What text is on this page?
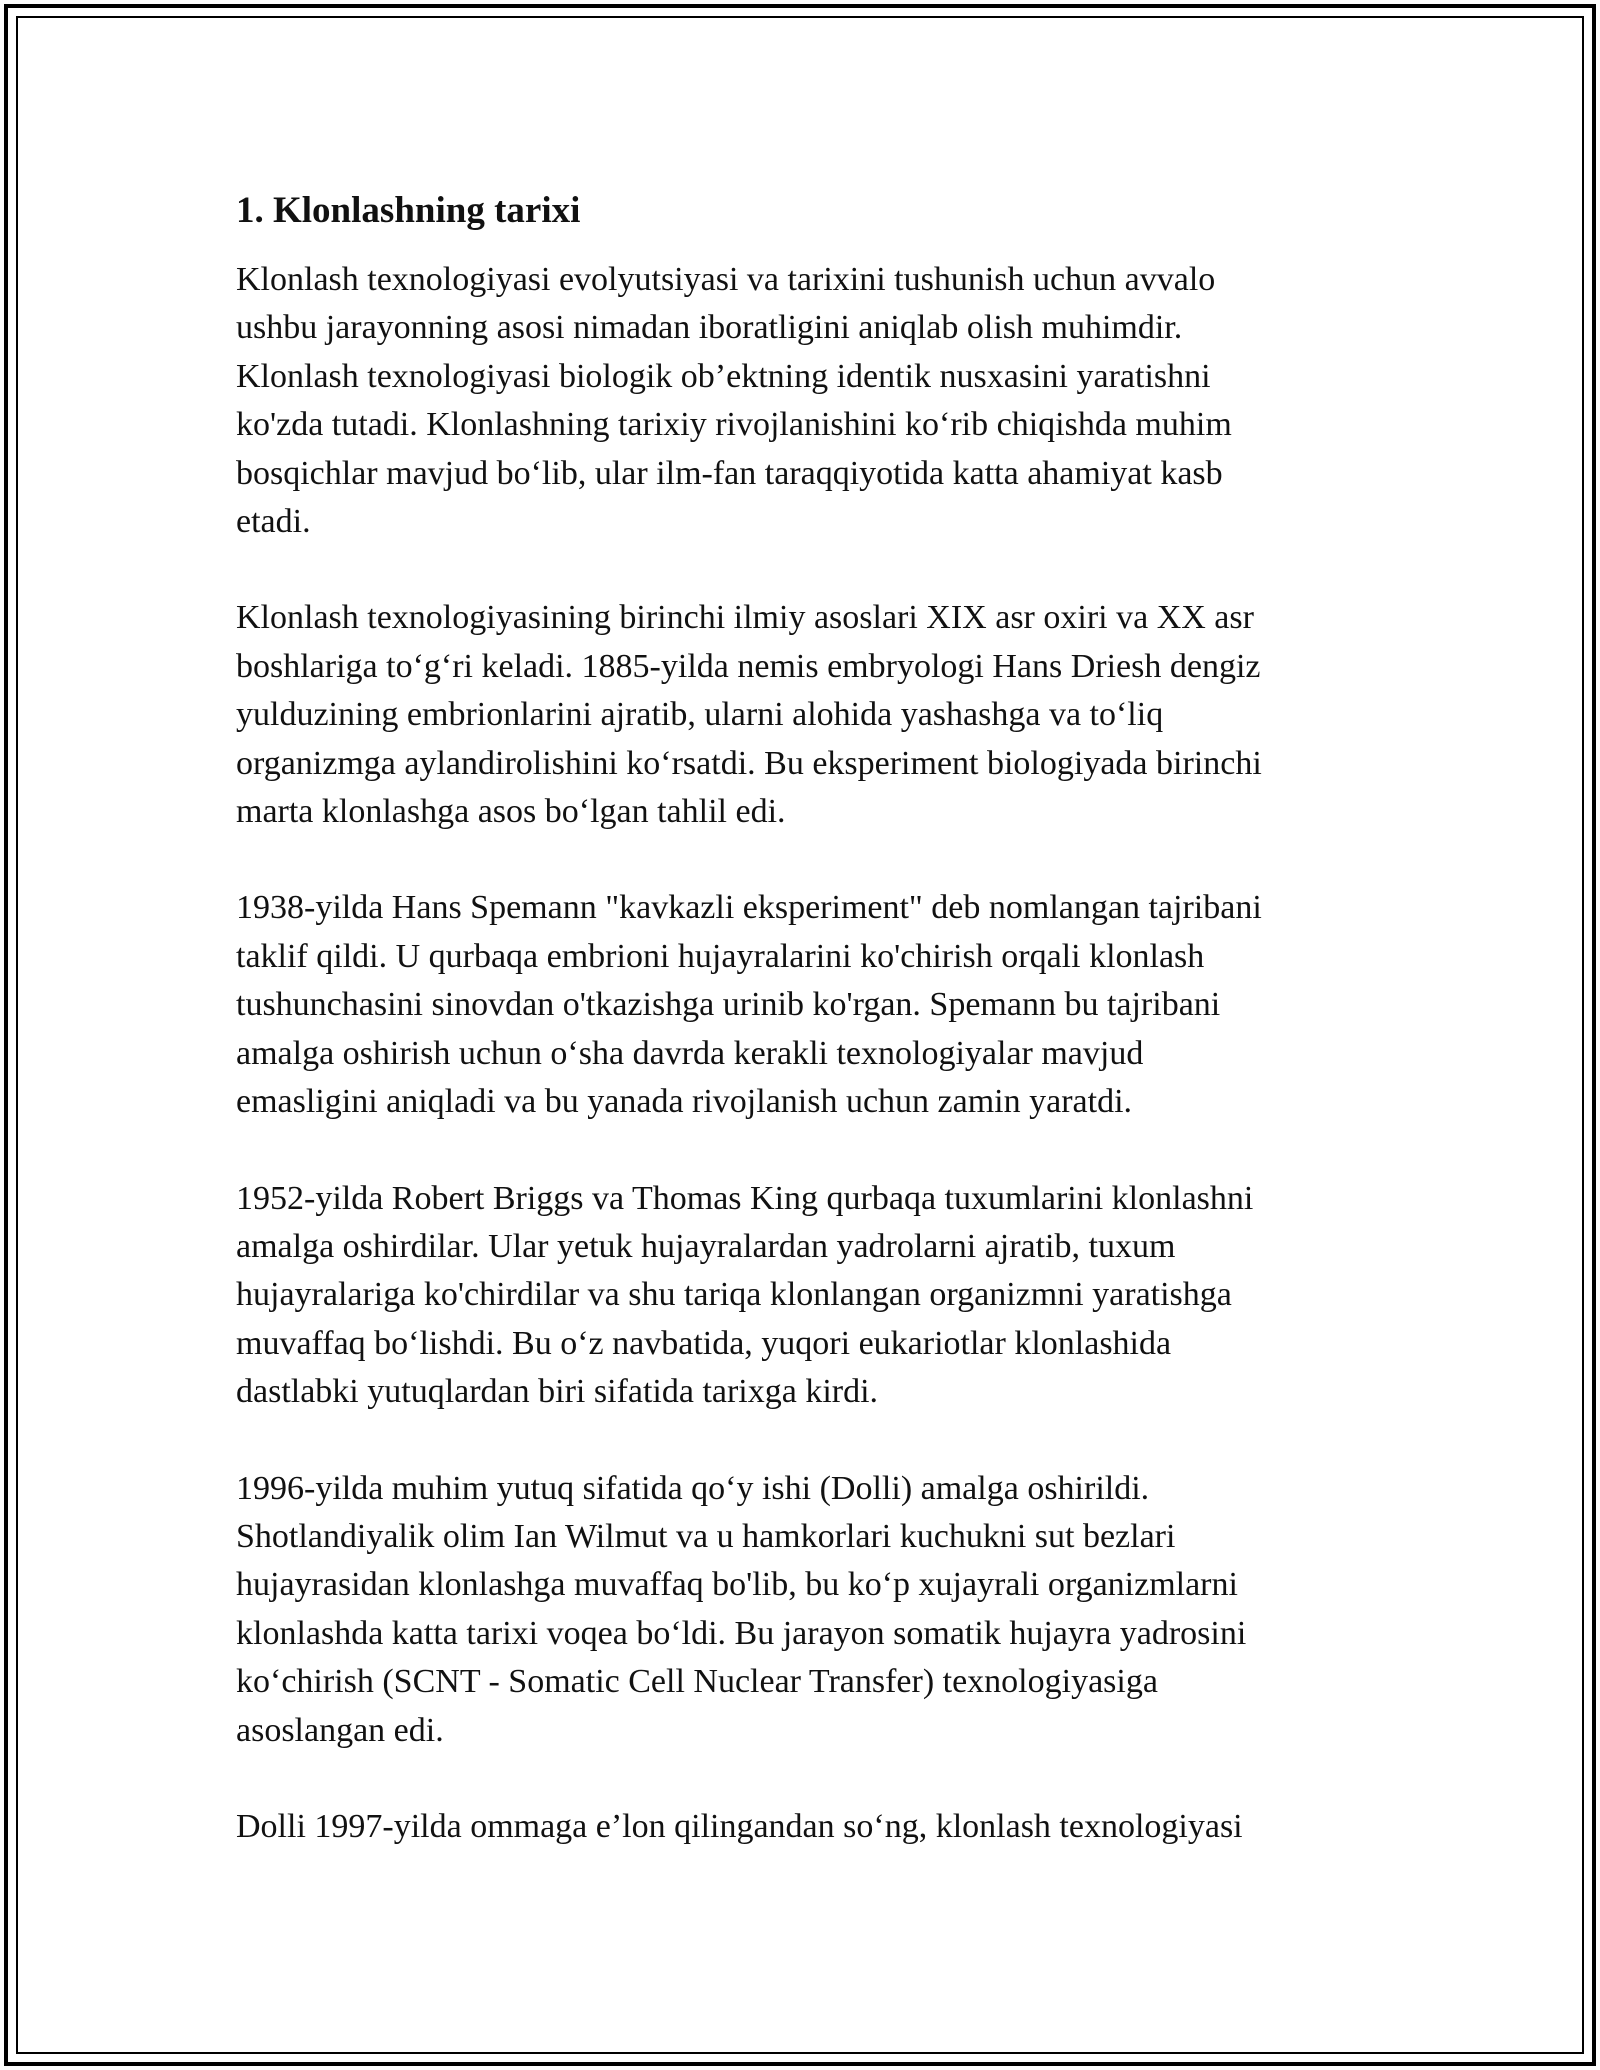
1. Klonlashning tarixi

Klonlash texnologiyasi evolyutsiyasi va tarixini tushunish uchun avvalo
ushbu jarayonning asosi nimadan iboratligini aniqlab olish muhimdir.
Klonlash texnologiyasi biologik ob’ektning identik nusxasini yaratishni
ko'zda tutadi. Klonlashning tarixiy rivojlanishini ko‘rib chiqishda muhim
bosqichlar mavjud bo‘lib, ular ilm-fan taraqqiyotida katta ahamiyat kasb
etadi.

Klonlash texnologiyasining birinchi ilmiy asoslari XIX asr oxiri va XX asr
boshlariga to‘g‘ri keladi. 1885-yilda nemis embryologi Hans Driesh dengiz
yulduzining embrionlarini ajratib, ularni alohida yashashga va to‘liq
organizmga aylandirolishini ko‘rsatdi. Bu eksperiment biologiyada birinchi
marta klonlashga asos bo‘lgan tahlil edi.

1938-yilda Hans Spemann "kavkazli eksperiment" deb nomlangan tajribani
taklif qildi. U qurbaqa embrioni hujayralarini ko'chirish orqali klonlash
tushunchasini sinovdan o'tkazishga urinib ko'rgan. Spemann bu tajribani
amalga oshirish uchun o‘sha davrda kerakli texnologiyalar mavjud
emasligini aniqladi va bu yanada rivojlanish uchun zamin yaratdi.

1952-yilda Robert Briggs va Thomas King qurbaqa tuxumlarini klonlashni
amalga oshirdilar. Ular yetuk hujayralardan yadrolarni ajratib, tuxum
hujayralariga ko'chirdilar va shu tariqa klonlangan organizmni yaratishga
muvaffaq bo‘lishdi. Bu o‘z navbatida, yuqori eukariotlar klonlashida
dastlabki yutuqlardan biri sifatida tarixga kirdi.

1996-yilda muhim yutuq sifatida qo‘y ishi (Dolli) amalga oshirildi.
Shotlandiyalik olim Ian Wilmut va u hamkorlari kuchukni sut bezlari
hujayrasidan klonlashga muvaffaq bo'lib, bu ko‘p xujayrali organizmlarni
klonlashda katta tarixi voqea bo‘ldi. Bu jarayon somatik hujayra yadrosini
ko‘chirish (SCNT - Somatic Cell Nuclear Transfer) texnologiyasiga
asoslangan edi.

Dolli 1997-yilda ommaga e’lon qilingandan so‘ng, klonlash texnologiyasi
